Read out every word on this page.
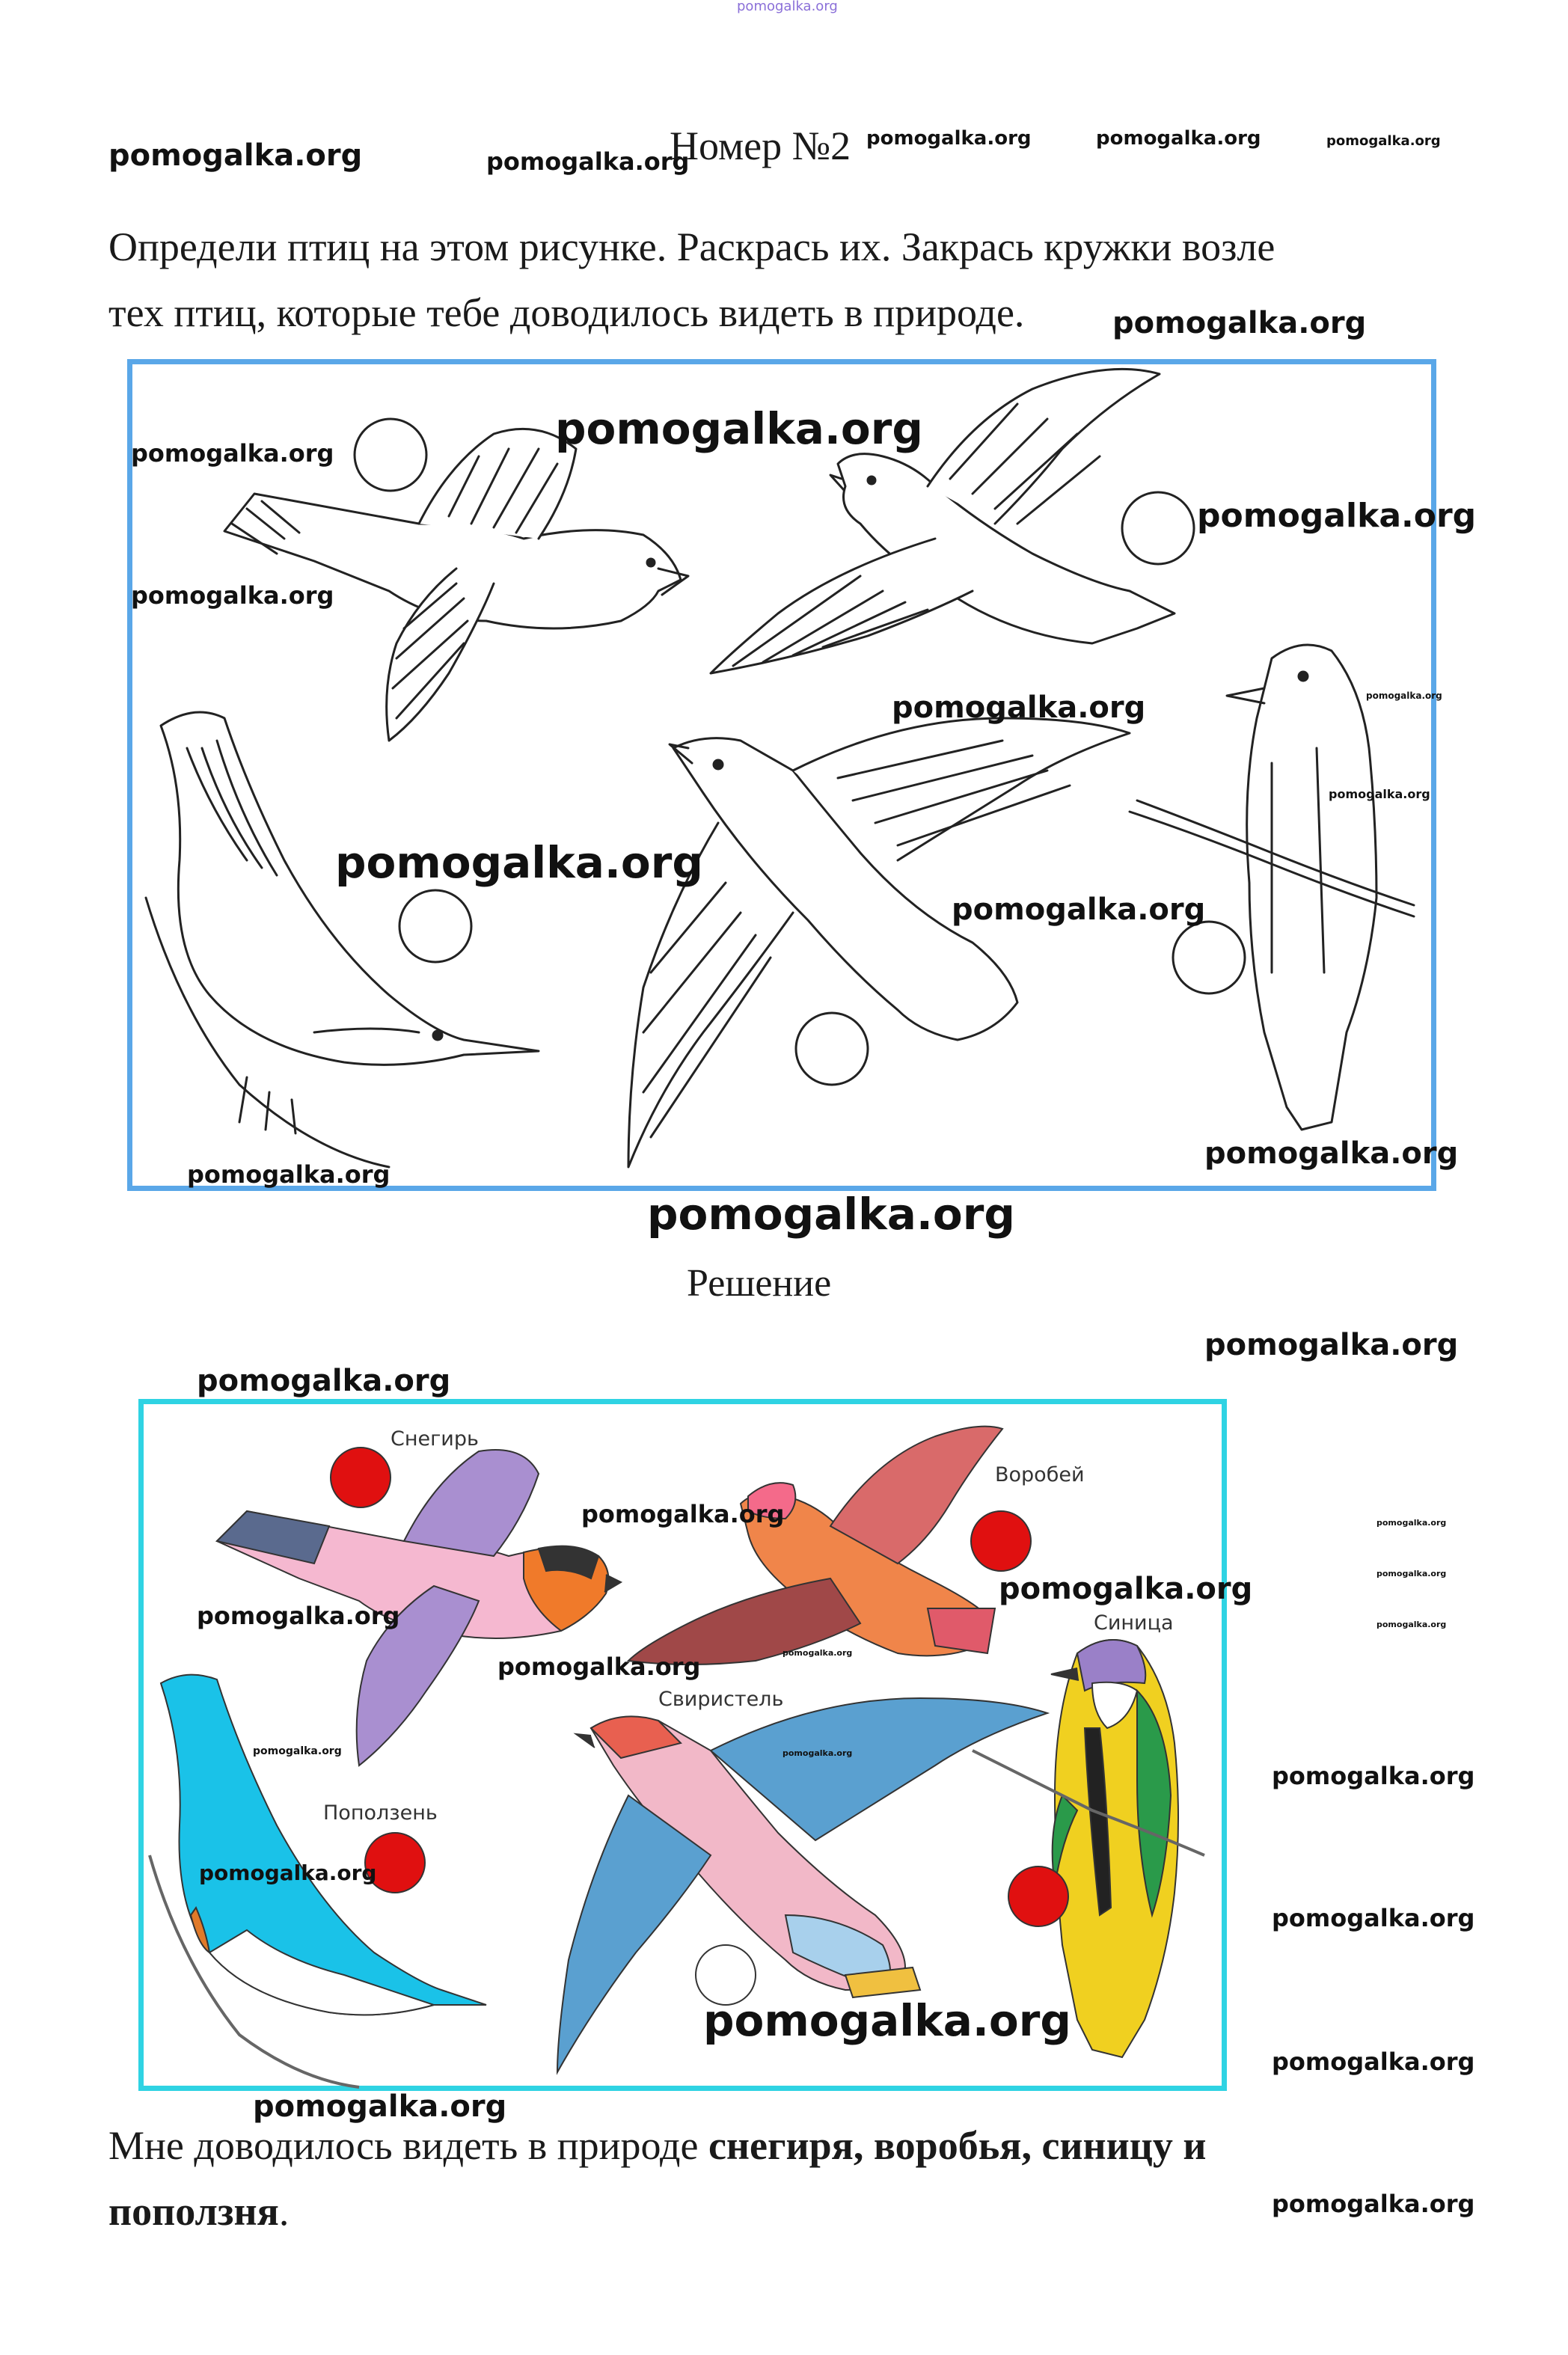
pomogalka.org
pomogalka.org	pomogalka.org
Номер №2 pomogalka.org	pomogalka.org	pomogalka.org
Определи птиц на этом рисунке. Раскрась их. Закрась кружки возле
тех птиц, которые тебе доводилось видеть в природе.	pomogalka.org
Снегирь
Воробей
Синица
Свиристель
Поползень
pomogalka.org	pomogalka.org
pomogalka.org
pomogalka.org
pomogalka.org	pomogalka.org
pomogalka.org
pomogalka.org
pomogalka.org
pomogalka.org
pomogalka.org
pomogalka.org
Решение
pomogalka.org
pomogalka.org
pomogalka.org	pomogalka.org
pomogalka.org
pomogalka.org
pomogalka.org	pomogalka.org
pomogalka.org
pomogalka.org
pomogalka.org	pomogalka.org
pomogalka.org
pomogalka.org
pomogalka.org
pomogalka.org
pomogalka.org
pomogalka.org
Мне доводилось видеть в природе снегиря, воробья, синицу и
поползня.	pomogalka.org
